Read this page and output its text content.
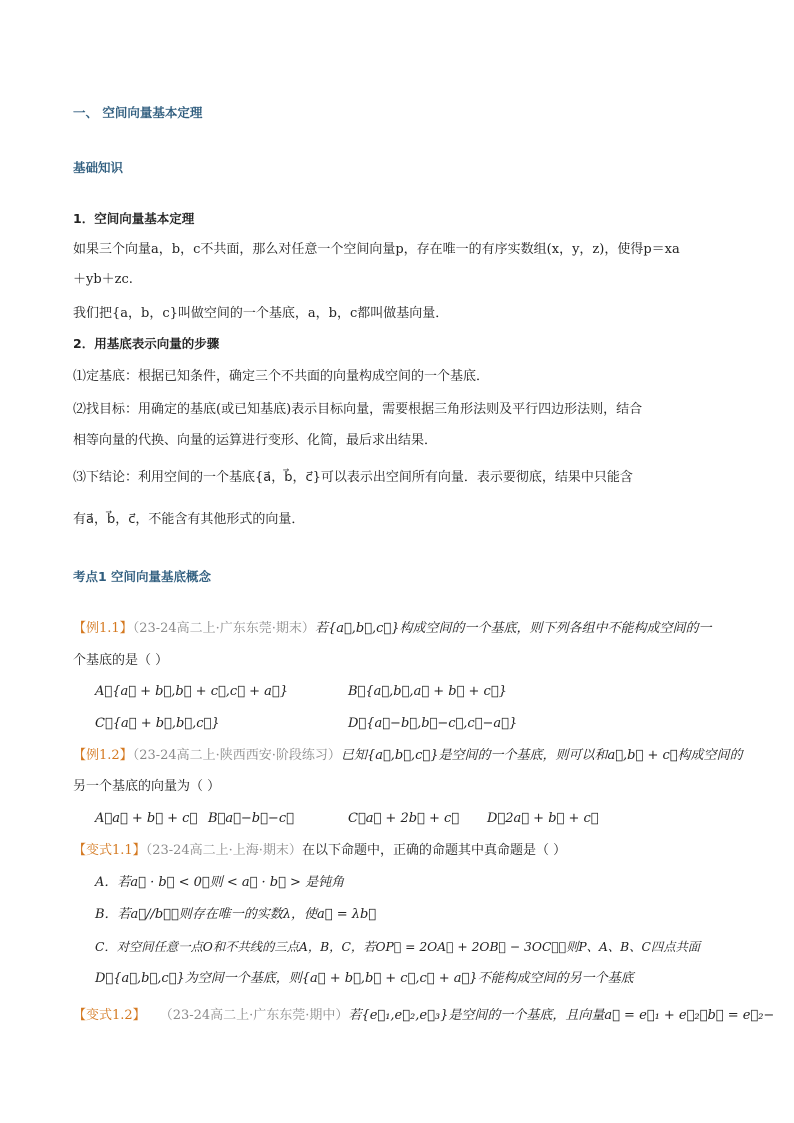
一、 空间向量基本定理
基础知识
1．空间向量基本定理
如果三个向量a，b，c不共面，那么对任意一个空间向量p，存在唯一的有序实数组(x，y，z)，使得p＝xa
＋yb＋zc.
我们把{a，b，c}叫做空间的一个基底，a，b，c都叫做基向量．
2．用基底表示向量的步骤
⑴定基底：根据已知条件，确定三个不共面的向量构成空间的一个基底．
⑵找目标：用确定的基底(或已知基底)表示目标向量，需要根据三角形法则及平行四边形法则，结合
相等向量的代换、向量的运算进行变形、化简，最后求出结果．
⑶下结论：利用空间的一个基底{a⃗，b⃗，c⃗}可以表示出空间所有向量．表示要彻底，结果中只能含
有a⃗，b⃗，c⃗，不能含有其他形式的向量．
考点1 空间向量基底概念
【例1.1】（23-24高二上·广东东莞·期末）若{a⃗,b⃗,c⃗}构成空间的一个基底，则下列各组中不能构成空间的一
个基底的是（ ）
A．{a⃗ + b⃗,b⃗ + c⃗,c⃗ + a⃗}	B．{a⃗,b⃗,a⃗ + b⃗ + c⃗}
C．{a⃗ + b⃗,b⃗,c⃗}	D．{a⃗−b⃗,b⃗−c⃗,c⃗−a⃗}
【例1.2】（23-24高二上·陕西西安·阶段练习）已知{a⃗,b⃗,c⃗}是空间的一个基底，则可以和a⃗,b⃗ + c⃗构成空间的
另一个基底的向量为（ ）
A．a⃗ + b⃗ + c⃗ B．a⃗−b⃗−c⃗	C．a⃗ + 2b⃗ + c⃗ D．2a⃗ + b⃗ + c⃗
【变式1.1】（23-24高二上·上海·期末）在以下命题中，正确的命题其中真命题是（ ）
A．若a⃗ · b⃗ < 0，则 < a⃗ · b⃗ > 是钝角
B．若a⃗//b⃗，则存在唯一的实数λ，使a⃗ = λb⃗
C．对空间任意一点O和不共线的三点A，B，C，若OP⃗ = 2OA⃗ + 2OB⃗ − 3OC⃗，则P、A、B、C四点共面
D．{a⃗,b⃗,c⃗}为空间一个基底，则{a⃗ + b⃗,b⃗ + c⃗,c⃗ + a⃗}不能构成空间的另一个基底
【变式1.2】 （23-24高二上·广东东莞·期中）若{e⃗₁,e⃗₂,e⃗₃}是空间的一个基底，且向量a⃗ = e⃗₁ + e⃗₂，b⃗ = e⃗₂−
